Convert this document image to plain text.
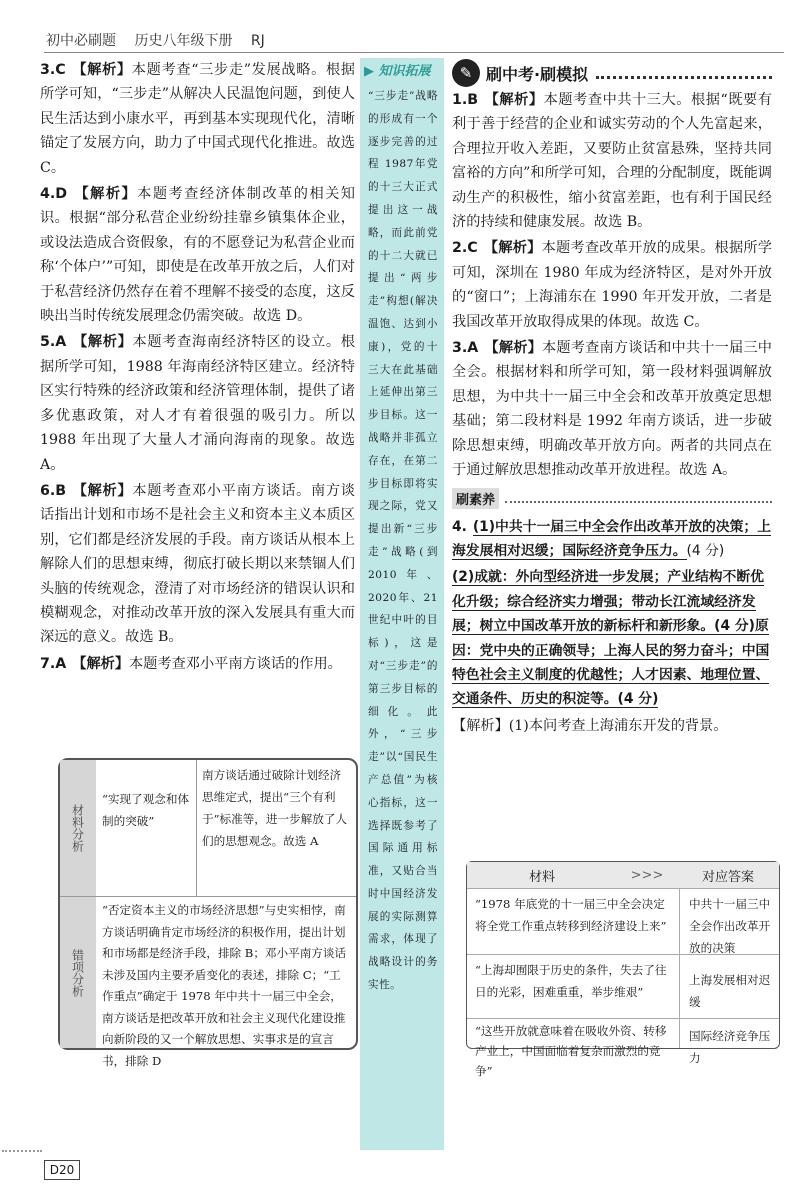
初中必刷题 历史八年级下册 RJ

3.C 【解析】本题考查“三步走”发展战略。根据所学可知，“三步走”从解决人民温饱问题，到使人民生活达到小康水平，再到基本实现现代化，清晰锚定了发展方向，助力了中国式现代化推进。故选 C。

4.D 【解析】本题考查经济体制改革的相关知识。根据“部分私营企业纷纷挂靠乡镇集体企业，或设法造成合资假象，有的不愿登记为私营企业而称‘个体户’”可知，即使是在改革开放之后，人们对于私营经济仍然存在着不理解不接受的态度，这反映出当时传统发展理念仍需突破。故选 D。

5.A 【解析】本题考查海南经济特区的设立。根据所学可知，1988 年海南经济特区建立。经济特区实行特殊的经济政策和经济管理体制，提供了诸多优惠政策，对人才有着很强的吸引力。所以 1988 年出现了大量人才涌向海南的现象。故选 A。

6.B 【解析】本题考查邓小平南方谈话。南方谈话指出计划和市场不是社会主义和资本主义本质区别，它们都是经济发展的手段。南方谈话从根本上解除人们的思想束缚，彻底打破长期以来禁锢人们头脑的传统观念，澄清了对市场经济的错误认识和模糊观念，对推动改革开放的深入发展具有重大而深远的意义。故选 B。

7.A 【解析】本题考查邓小平南方谈话的作用。

材料分析
“实现了观念和体制的突破”
南方谈话通过破除计划经济思维定式，提出“三个有利于”标准等，进一步解放了人们的思想观念。故选 A
错项分析
“否定资本主义的市场经济思想”与史实相悖，南方谈话明确肯定市场经济的积极作用，提出计划和市场都是经济手段，排除 B；邓小平南方谈话未涉及国内主要矛盾变化的表述，排除 C；“工作重点”确定于 1978 年中共十一届三中全会，南方谈话是把改革开放和社会主义现代化建设推向新阶段的又一个解放思想、实事求是的宣言书，排除 D
▶ 知识拓展
“三步走”战略的形成有一个逐步完善的过程 1987年党的十三大正式提出这一战略，而此前党的十二大就已提出“两步走”构想(解决温饱、达到小康)，党的十三大在此基础上延伸出第三步目标。这一战略并非孤立存在，在第二步目标即将实现之际，党又提出新“三步走”战略(到2010年、2020年、21世纪中叶的目标)，这是对“三步走”的第三步目标的细化。此外，“三步走”以“国民生产总值”为核心指标，这一选择既参考了国际通用标准，又贴合当时中国经济发展的实际测算需求，体现了战略设计的务实性。
✎ 刷中考·刷模拟

1.B 【解析】本题考查中共十三大。根据“既要有利于善于经营的企业和诚实劳动的个人先富起来，合理拉开收入差距，又要防止贫富悬殊，坚持共同富裕的方向”和所学可知，合理的分配制度，既能调动生产的积极性，缩小贫富差距，也有利于国民经济的持续和健康发展。故选 B。

2.C 【解析】本题考查改革开放的成果。根据所学可知，深圳在 1980 年成为经济特区，是对外开放的“窗口”；上海浦东在 1990 年开发开放，二者是我国改革开放取得成果的体现。故选 C。

3.A 【解析】本题考查南方谈话和中共十一届三中全会。根据材料和所学可知，第一段材料强调解放思想，为中共十一届三中全会和改革开放奠定思想基础；第二段材料是 1992 年南方谈话，进一步破除思想束缚，明确改革开放方向。两者的共同点在于通过解放思想推动改革开放进程。故选 A。

刷素养
4. (1)中共十一届三中全会作出改革开放的决策；上海发展相对迟缓；国际经济竞争压力。(4 分)
(2)成就：外向型经济进一步发展；产业结构不断优化升级；综合经济实力增强；带动长江流域经济发展；树立中国改革开放的新标杆和新形象。(4 分)原因：党中央的正确领导；上海人民的努力奋斗；中国特色社会主义制度的优越性；人才因素、地理位置、交通条件、历史的积淀等。(4 分)
【解析】(1)本问考查上海浦东开发的背景。
材料	>>>	对应答案
“1978 年底党的十一届三中全会决定将全党工作重点转移到经济建设上来”
中共十一届三中全会作出改革开放的决策
“上海却囿限于历史的条件，失去了往日的光彩，困难重重，举步维艰”
上海发展相对迟缓
“这些开放就意味着在吸收外资、转移产业上，中国面临着复杂而激烈的竞争”
国际经济竞争压力
D20
